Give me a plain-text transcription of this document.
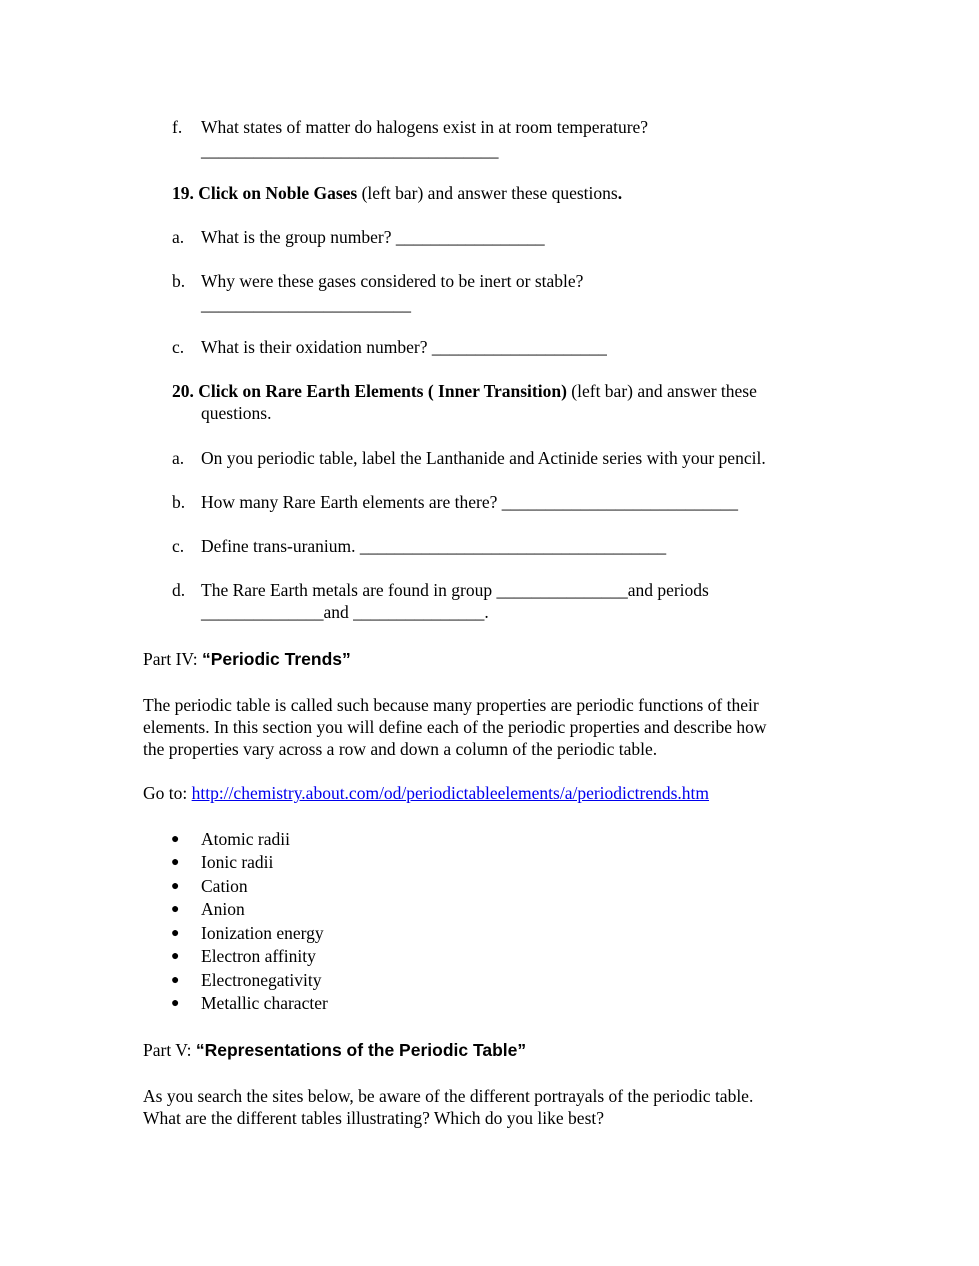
f. What states of matter do halogens exist in at room temperature?
__________________________________
19. Click on Noble Gases (left bar) and answer these questions.
a. What is the group number? _________________
b. Why were these gases considered to be inert or stable?
________________________
c. What is their oxidation number? ____________________
20. Click on Rare Earth Elements ( Inner Transition) (left bar) and answer these
questions.
a. On you periodic table, label the Lanthanide and Actinide series with your pencil.
b. How many Rare Earth elements are there? ___________________________
c. Define trans-uranium. ___________________________________
d. The Rare Earth metals are found in group _______________and periods
______________and _______________.
Part IV: “Periodic Trends”
The periodic table is called such because many properties are periodic functions of their
elements. In this section you will define each of the periodic properties and describe how
the properties vary across a row and down a column of the periodic table.
Go to: http://chemistry.about.com/od/periodictableelements/a/periodictrends.htm
● Atomic radii
● Ionic radii
● Cation
● Anion
● Ionization energy
● Electron affinity
● Electronegativity
● Metallic character
Part V: “Representations of the Periodic Table”
As you search the sites below, be aware of the different portrayals of the periodic table.
What are the different tables illustrating? Which do you like best?
